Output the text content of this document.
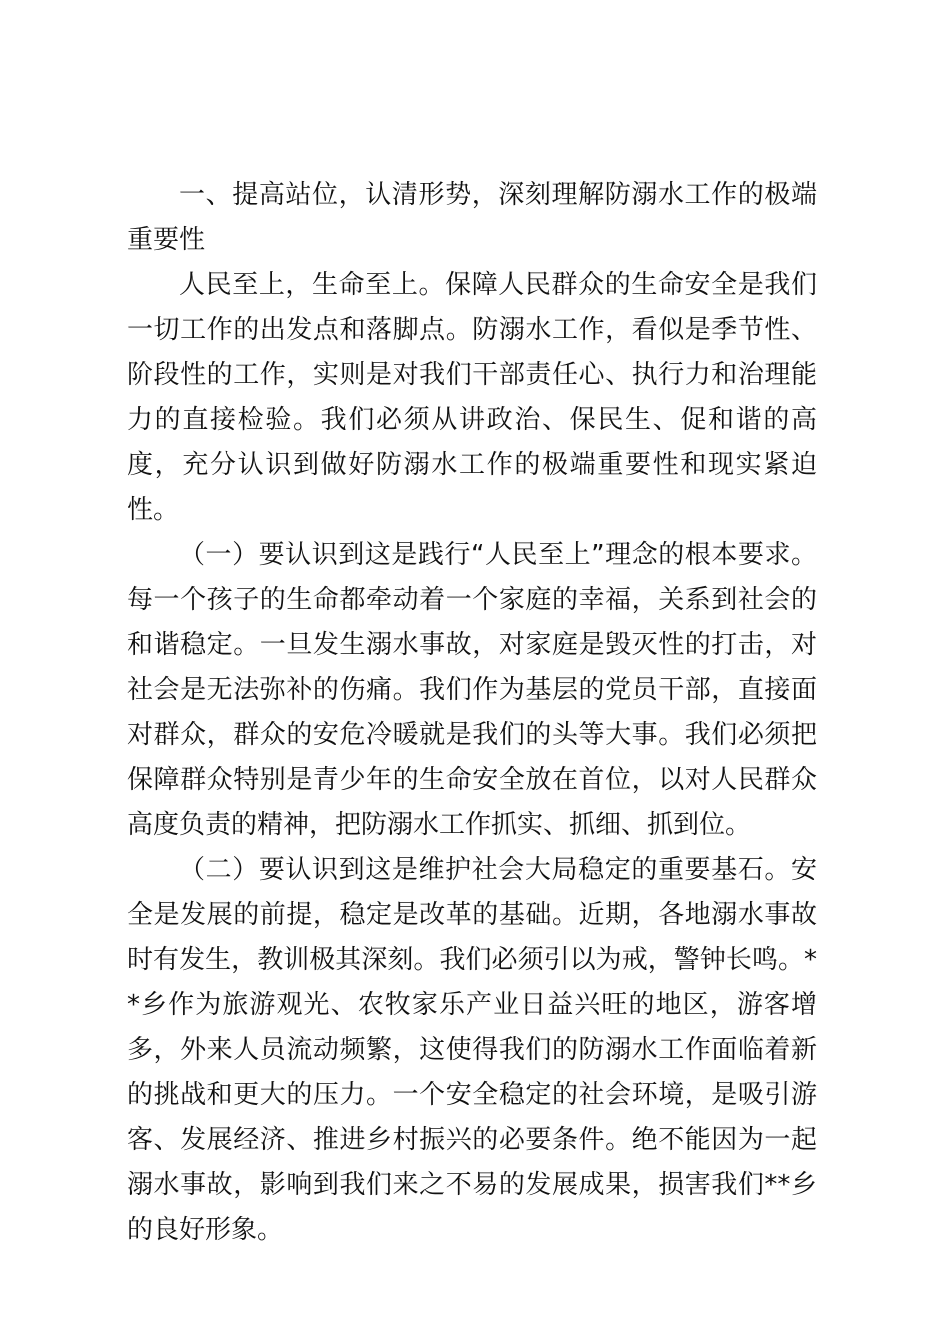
一、提高站位，认清形势，深刻理解防溺水工作的极端重要性

人民至上，生命至上。保障人民群众的生命安全是我们一切工作的出发点和落脚点。防溺水工作，看似是季节性、阶段性的工作，实则是对我们干部责任心、执行力和治理能力的直接检验。我们必须从讲政治、保民生、促和谐的高度，充分认识到做好防溺水工作的极端重要性和现实紧迫性。

（一）要认识到这是践行“人民至上”理念的根本要求。每一个孩子的生命都牵动着一个家庭的幸福，关系到社会的和谐稳定。一旦发生溺水事故，对家庭是毁灭性的打击，对社会是无法弥补的伤痛。我们作为基层的党员干部，直接面对群众，群众的安危冷暖就是我们的头等大事。我们必须把保障群众特别是青少年的生命安全放在首位，以对人民群众高度负责的精神，把防溺水工作抓实、抓细、抓到位。

（二）要认识到这是维护社会大局稳定的重要基石。安全是发展的前提，稳定是改革的基础。近期，各地溺水事故时有发生，教训极其深刻。我们必须引以为戒，警钟长鸣。**乡作为旅游观光、农牧家乐产业日益兴旺的地区，游客增多，外来人员流动频繁，这使得我们的防溺水工作面临着新的挑战和更大的压力。一个安全稳定的社会环境，是吸引游客、发展经济、推进乡村振兴的必要条件。绝不能因为一起溺水事故，影响到我们来之不易的发展成果，损害我们**乡的良好形象。
